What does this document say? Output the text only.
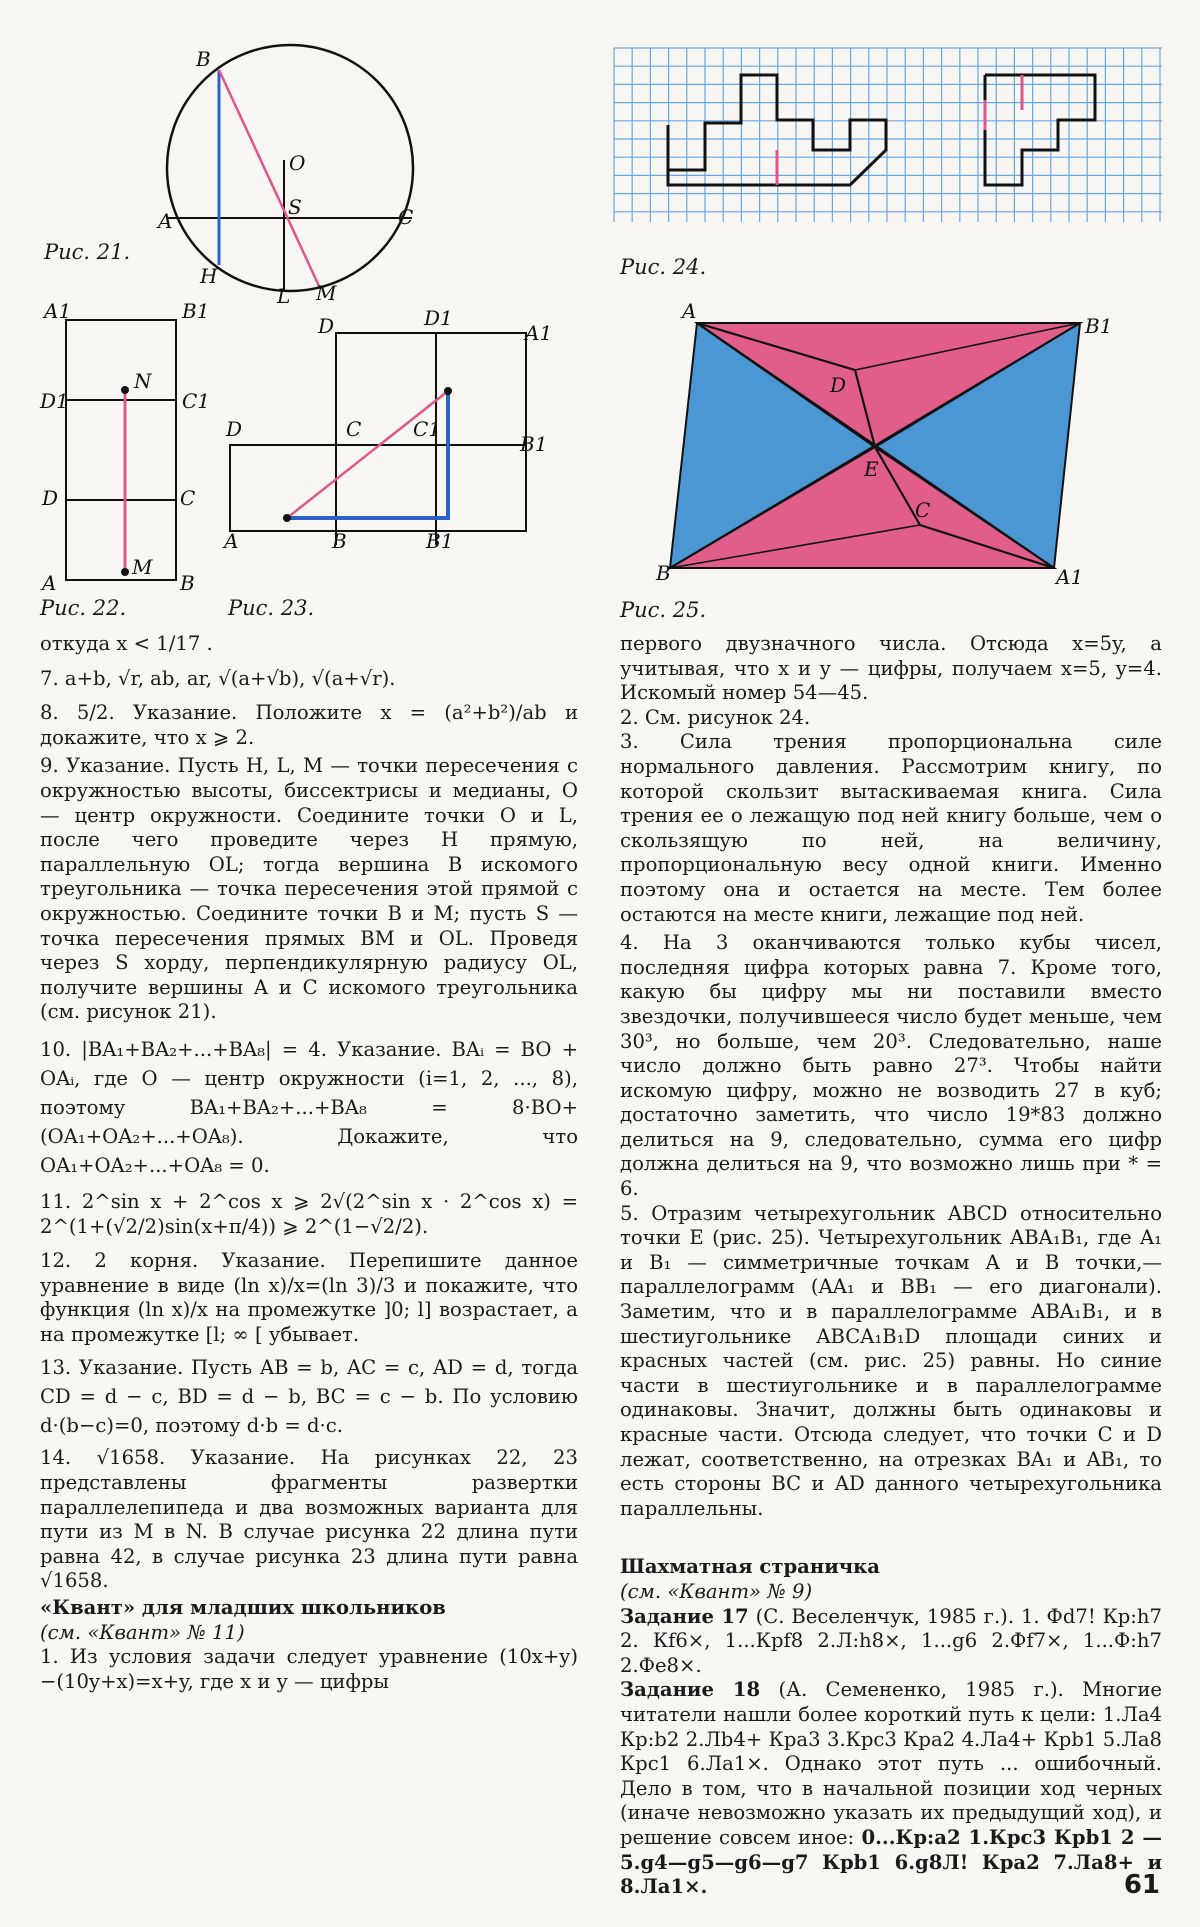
B
O
S
A	C
H
L M
A1	B1
D1	C1
N
D	C
A	B
M
D	D1
A1
D	C	C1
B1
A	B	B1
A
B1
D
E
C
B	A1
Рис. 21.
Рис. 22.	Рис. 23.
Рис. 24.
Рис. 25.

откуда x < 1/17 .

7. a+b, √r, ab, ar, √(a+√b), √(a+√r).

8. 5/2. Указание. Положите x = (a²+b²)/ab и докажите, что x ⩾ 2.

9. Указание. Пусть H, L, M — точки пересечения с окружностью высоты, биссектрисы и медианы, O — центр окружности. Соедините точки O и L, после чего проведите через H прямую, параллельную OL; тогда вершина B искомого треугольника — точка пересечения этой прямой с окружностью. Соедините точки B и M; пусть S — точка пересечения прямых BM и OL. Проведя через S хорду, перпендикулярную радиусу OL, получите вершины A и C искомого треугольника (см. рисунок 21).

10. |BA₁+BA₂+...+BA₈| = 4. Указание. BAᵢ = BO + OAᵢ, где O — центр окружности (i=1, 2, ..., 8), поэтому BA₁+BA₂+...+BA₈ = 8·BO+(OA₁+OA₂+...+OA₈). Докажите, что OA₁+OA₂+...+OA₈ = 0.

11. 2^sin x + 2^cos x ⩾ 2√(2^sin x · 2^cos x) = 2^(1+(√2/2)sin(x+π/4)) ⩾ 2^(1−√2/2).

12. 2 корня. Указание. Перепишите данное уравнение в виде (ln x)/x=(ln 3)/3 и покажите, что функция (ln x)/x на промежутке ]0; l] возрастает, а на промежутке [l; ∞ [ убывает.

13. Указание. Пусть AB = b, AC = c, AD = d, тогда CD = d − c, BD = d − b, BC = c − b. По условию d·(b−c)=0, поэтому d·b = d·c.

14. √1658. Указание. На рисунках 22, 23 представлены фрагменты развертки параллелепипеда и два возможных варианта для пути из M в N. В случае рисунка 22 длина пути равна 42, в случае рисунка 23 длина пути равна √1658.

«Квант» для младших школьников

(см. «Квант» № 11)

1. Из условия задачи следует уравнение (10x+y)−(10y+x)=x+y, где x и y — цифры

первого двузначного числа. Отсюда x=5y, а учитывая, что x и y — цифры, получаем x=5, y=4. Искомый номер 54—45.

2. См. рисунок 24.

3. Сила трения пропорциональна силе нормального давления. Рассмотрим книгу, по которой скользит вытаскиваемая книга. Сила трения ее о лежащую под ней книгу больше, чем о скользящую по ней, на величину, пропорциональную весу одной книги. Именно поэтому она и остается на месте. Тем более остаются на месте книги, лежащие под ней.

4. На 3 оканчиваются только кубы чисел, последняя цифра которых равна 7. Кроме того, какую бы цифру мы ни поставили вместо звездочки, получившееся число будет меньше, чем 30³, но больше, чем 20³. Следовательно, наше число должно быть равно 27³. Чтобы найти искомую цифру, можно не возводить 27 в куб; достаточно заметить, что число 19*83 должно делиться на 9, следовательно, сумма его цифр должна делиться на 9, что возможно лишь при * = 6.

5. Отразим четырехугольник ABCD относительно точки E (рис. 25). Четырехугольник ABA₁B₁, где A₁ и B₁ — симметричные точкам A и B точки,— параллелограмм (AA₁ и BB₁ — его диагонали). Заметим, что и в параллелограмме ABA₁B₁, и в шестиугольнике ABCA₁B₁D площади синих и красных частей (см. рис. 25) равны. Но синие части в шестиугольнике и в параллелограмме одинаковы. Значит, должны быть одинаковы и красные части. Отсюда следует, что точки C и D лежат, соответственно, на отрезках BA₁ и AB₁, то есть стороны BC и AD данного четырехугольника параллельны.

Шахматная страничка

(см. «Квант» № 9)

Задание 17 (С. Веселенчук, 1985 г.). 1. Фd7! Кр:h7 2. Кf6×, 1...Крf8 2.Л:h8×, 1...g6 2.Фf7×, 1...Ф:h7 2.Фе8×.

Задание 18 (А. Семененко, 1985 г.). Многие читатели нашли более короткий путь к цели: 1.Ла4 Кр:b2 2.Лb4+ Кра3 3.Крс3 Кра2 4.Ла4+ Крb1 5.Ла8 Крс1 6.Ла1×. Однако этот путь ... ошибочный. Дело в том, что в начальной позиции ход черных (иначе невозможно указать их предыдущий ход), и решение совсем иное: 0...Кр:а2 1.Крс3 Крb1 2 — 5.g4—g5—g6—g7 Крb1 6.g8Л! Кра2 7.Ла8+ и 8.Ла1×.	61
